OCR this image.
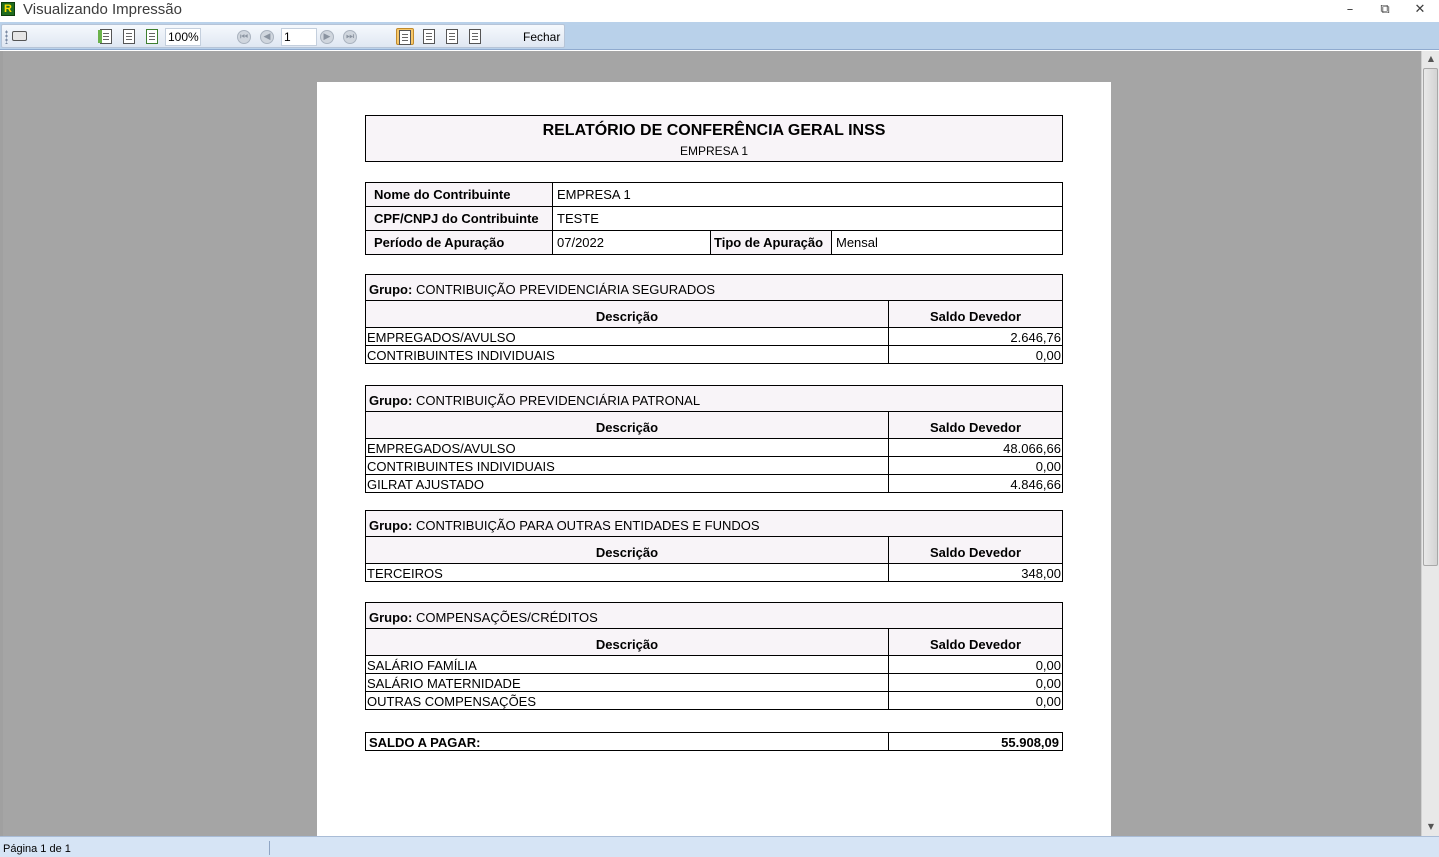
R Visualizando Impressão	–	⧉	✕
100%	⏮	◀ 1	▶	⏭	Fechar
RELATÓRIO DE CONFERÊNCIA GERAL INSS
EMPRESA 1
Nome do Contribuinte	EMPRESA 1		
CPF/CNPJ do Contribuinte	TESTE		
Período de Apuração	07/2022	Tipo de Apuração	Mensal
Grupo: CONTRIBUIÇÃO PREVIDENCIÁRIA SEGURADOS	
Descrição	Saldo Devedor
EMPREGADOS/AVULSO	2.646,76
CONTRIBUINTES INDIVIDUAIS	0,00
Grupo: CONTRIBUIÇÃO PREVIDENCIÁRIA PATRONAL	
Descrição	Saldo Devedor
EMPREGADOS/AVULSO	48.066,66
CONTRIBUINTES INDIVIDUAIS	0,00
GILRAT AJUSTADO	4.846,66
Grupo: CONTRIBUIÇÃO PARA OUTRAS ENTIDADES E FUNDOS	
Descrição	Saldo Devedor
TERCEIROS	348,00
Grupo: COMPENSAÇÕES/CRÉDITOS	
Descrição	Saldo Devedor
SALÁRIO FAMÍLIA	0,00
SALÁRIO MATERNIDADE	0,00
OUTRAS COMPENSAÇÕES	0,00
SALDO A PAGAR:	55.908,09
▲
▼
Página 1 de 1
